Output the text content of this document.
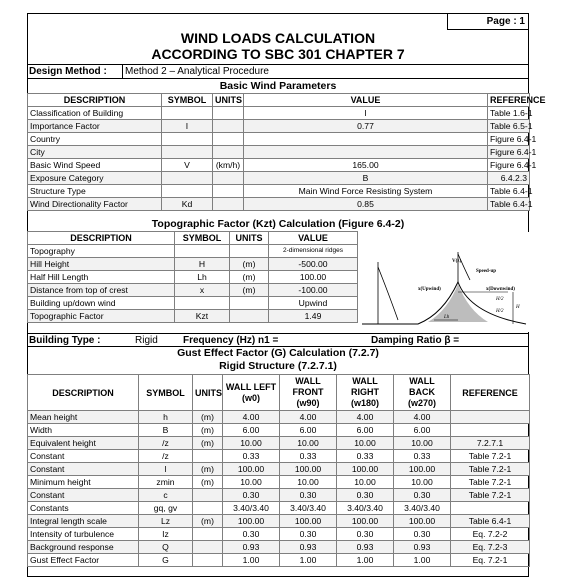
Page : 1
WIND LOADS CALCULATION
ACCORDING TO SBC 301 CHAPTER 7
Design Method :	Method 2 – Analytical Procedure
Basic Wind Parameters
DESCRIPTION	SYMBOL	UNITS	VALUE	REFERENCE
Classification of Building			I	Table 1.6-1
Importance Factor	I		0.77	Table 6.5-1
Country				Figure 6.4-1
City				Figure 6.4-1
Basic Wind Speed	V	(km/h)	165.00	Figure 6.4-1
Exposure Category			B	6.4.2.3
Structure Type			Main Wind Force Resisting System	Table 6.4-1
Wind Directionality Factor	Kd		0.85	Table 6.4-1
Topographic Factor (Kzt) Calculation (Figure 6.4-2)
DESCRIPTION	SYMBOL	UNITS	VALUE
Topography			2-dimensional ridges
Hill Height	H	(m)	-500.00
Half Hill Length	Lh	(m)	100.00
Distance from top of crest	x	(m)	-100.00
Building up/down wind			Upwind
Topographic Factor	Kzt		1.49
V(z)
Speed-up
x(Upwind)	x(Downwind)
H/2
H/2
H
Lh
Building Type :	Rigid	Frequency (Hz) n1 =	Damping Ratio β =
Gust Effect Factor (G) Calculation (7.2.7)
Rigid Structure (7.2.7.1)
DESCRIPTION	SYMBOL	UNITS	WALL LEFT (w0)	WALL FRONT (w90)	WALL RIGHT (w180)	WALL BACK (w270)	REFERENCE
Mean height	h	(m)	4.00	4.00	4.00	4.00	
Width	B	(m)	6.00	6.00	6.00	6.00	
Equivalent height	/z	(m)	10.00	10.00	10.00	10.00	7.2.7.1
Constant	/z		0.33	0.33	0.33	0.33	Table 7.2-1
Constant	l	(m)	100.00	100.00	100.00	100.00	Table 7.2-1
Minimum height	zmin	(m)	10.00	10.00	10.00	10.00	Table 7.2-1
Constant	c		0.30	0.30	0.30	0.30	Table 7.2-1
Constants	gq, gv		3.40/3.40	3.40/3.40	3.40/3.40	3.40/3.40	
Integral length scale	Lz	(m)	100.00	100.00	100.00	100.00	Table 6.4-1
Intensity of turbulence	Iz		0.30	0.30	0.30	0.30	Eq. 7.2-2
Background response	Q		0.93	0.93	0.93	0.93	Eq. 7.2-3
Gust Effect Factor	G		1.00	1.00	1.00	1.00	Eq. 7.2-1
